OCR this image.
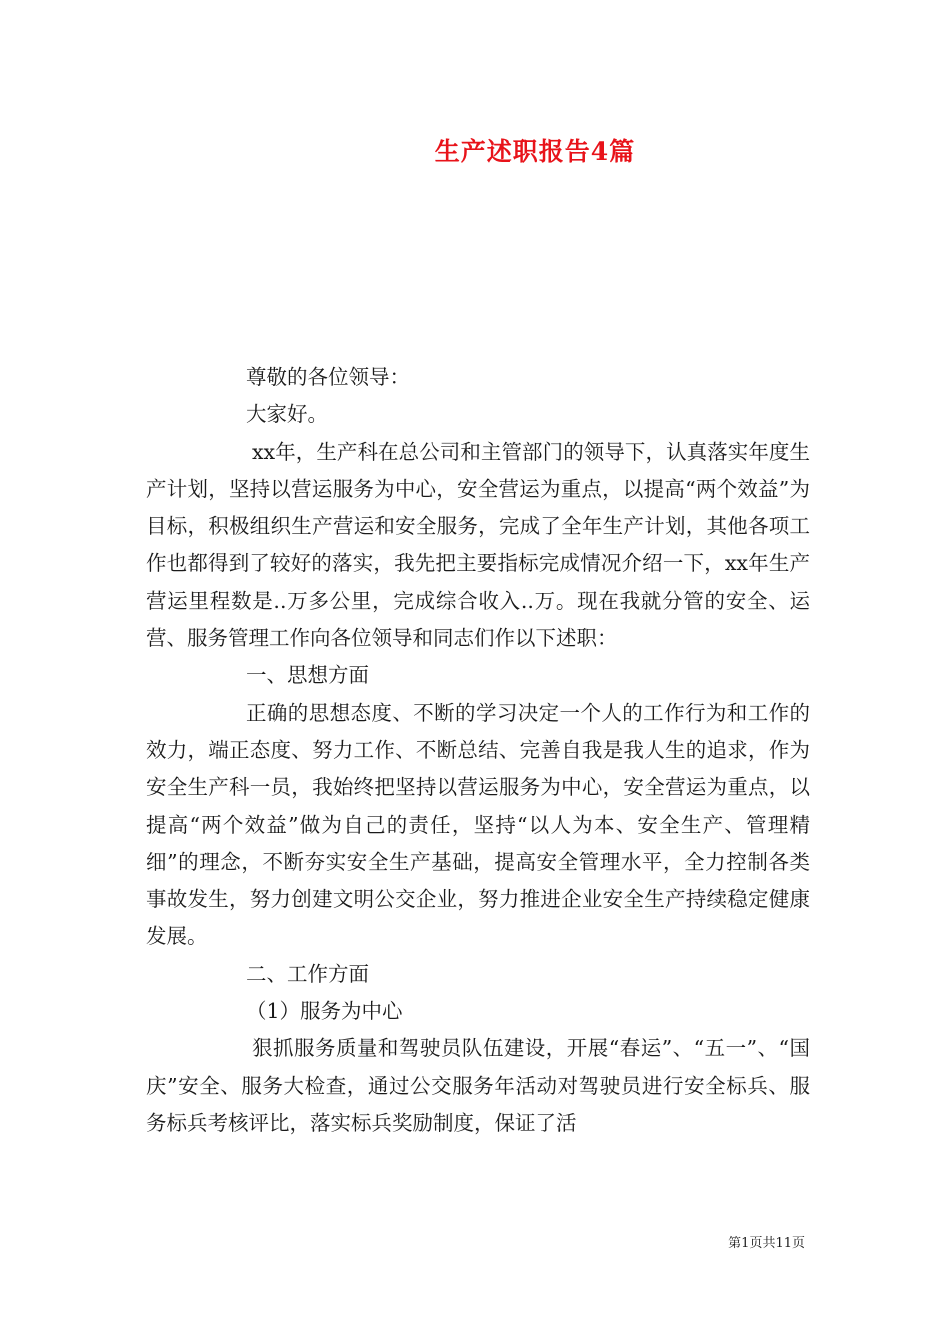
生产述职报告4篇

尊敬的各位领导：

大家好。

xx年，生产科在总公司和主管部门的领导下，认真落实年度生产计划，坚持以营运服务为中心，安全营运为重点，以提高“两个效益”为目标，积极组织生产营运和安全服务，完成了全年生产计划，其他各项工作也都得到了较好的落实，我先把主要指标完成情况介绍一下，xx年生产营运里程数是..万多公里，完成综合收入..万。现在我就分管的安全、运营、服务管理工作向各位领导和同志们作以下述职：

一、思想方面

正确的思想态度、不断的学习决定一个人的工作行为和工作的效力，端正态度、努力工作、不断总结、完善自我是我人生的追求，作为安全生产科一员，我始终把坚持以营运服务为中心，安全营运为重点，以提高“两个效益”做为自己的责任，坚持“以人为本、安全生产、管理精细”的理念，不断夯实安全生产基础，提高安全管理水平，全力控制各类事故发生，努力创建文明公交企业，努力推进企业安全生产持续稳定健康发展。

二、工作方面

（1）服务为中心

狠抓服务质量和驾驶员队伍建设，开展“春运”、“五一”、“国庆”安全、服务大检查，通过公交服务年活动对驾驶员进行安全标兵、服务标兵考核评比，落实标兵奖励制度，保证了活

第1页共11页
